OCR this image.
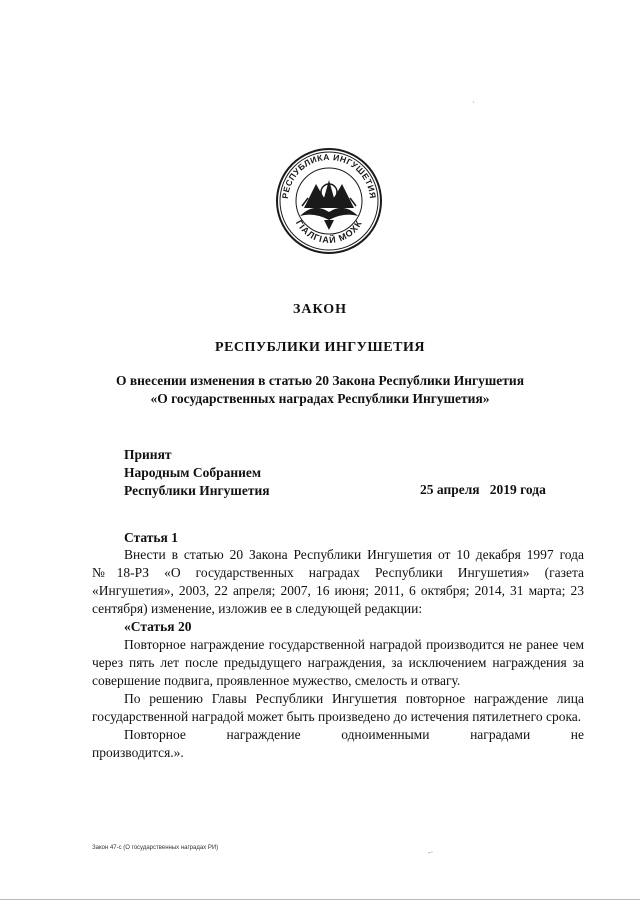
РЕСПУБЛИКА ИНГУШЕТИЯ
ГIАЛГIАЙ МОХК
ЗАКОН
РЕСПУБЛИКИ ИНГУШЕТИЯ
О внесении изменения в статью 20 Закона Республики Ингушетия
«О государственных наградах Республики Ингушетия»
Принят
Народным Собранием
Республики Ингушетия	25 апреля   2019 года
Статья 1

Внести в статью 20 Закона Республики Ингушетия от 10 декабря 1997 года №18-РЗ «О государственных наградах Республики Ингушетия» (газета «Ингушетия», 2003, 22 апреля; 2007, 16 июня; 2011, 6 октября; 2014, 31 марта; 23 сентября) изменение, изложив ее в следующей редакции:

«Статья 20

Повторное награждение государственной наградой производится не ранее чем через пять лет после предыдущего награждения, за исключением награждения за совершение подвига, проявленное мужество, смелость и отвагу.

По решению Главы Республики Ингушетия повторное награждение лица государственной наградой может быть произведено до истечения пятилетнего срока.

Повторное	награждение	одноименными	наградами	не

производится.».

Закон 47-с (О государственных наградах РИ)	-·
·
